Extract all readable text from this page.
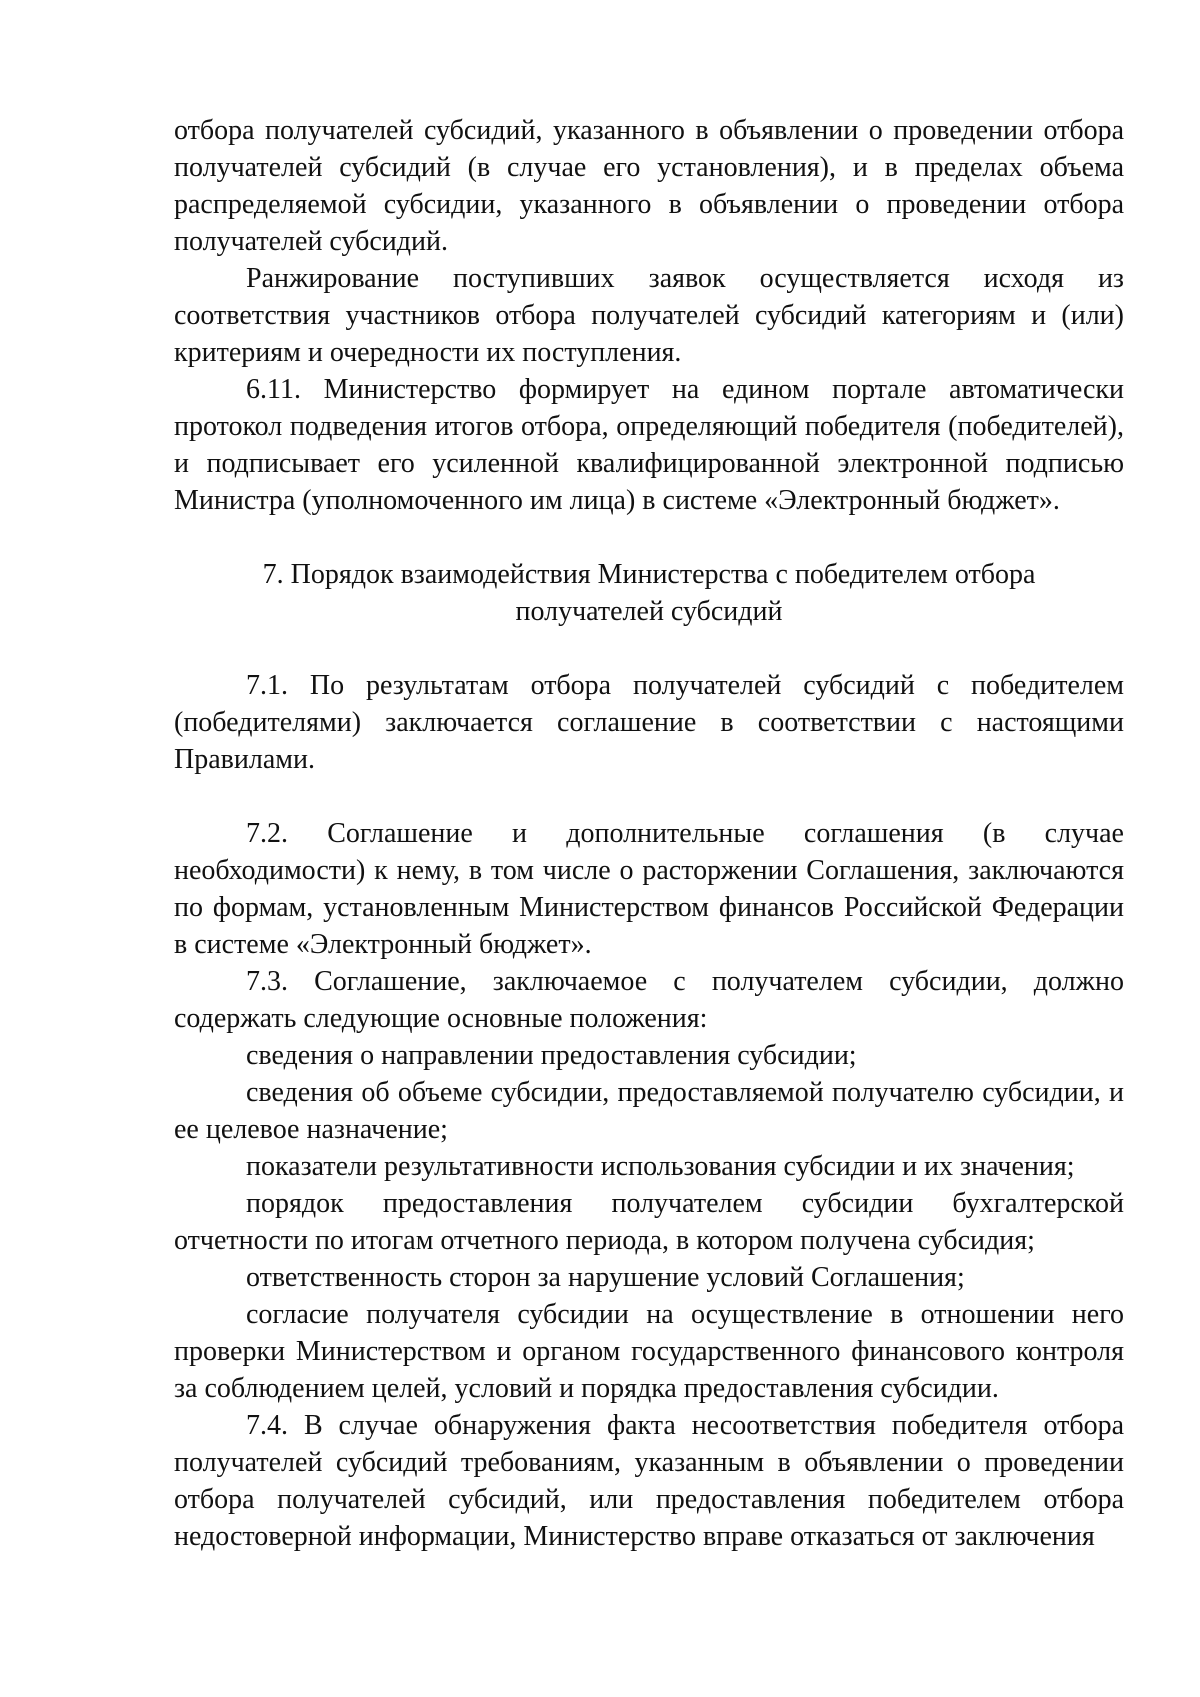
отбора получателей субсидий, указанного в объявлении о проведении отбора получателей субсидий (в случае его установления), и в пределах объема распределяемой субсидии, указанного в объявлении о проведении отбора получателей субсидий.

Ранжирование поступивших заявок осуществляется исходя из соответствия участников отбора получателей субсидий категориям и (или) критериям и очередности их поступления.

6.11. Министерство формирует на едином портале автоматически протокол подведения итогов отбора, определяющий победителя (победителей), и подписывает его усиленной квалифицированной электронной подписью Министра (уполномоченного им лица) в системе «Электронный бюджет».

7. Порядок взаимодействия Министерства с победителем отбора
получателей субсидий

7.1. По результатам отбора получателей субсидий с победителем (победителями) заключается соглашение в соответствии с настоящими Правилами.

7.2. Соглашение и дополнительные соглашения (в случае необходимости) к нему, в том числе о расторжении Соглашения, заключаются по формам, установленным Министерством финансов Российской Федерации в системе «Электронный бюджет».

7.3. Соглашение, заключаемое с получателем субсидии, должно содержать следующие основные положения:

сведения о направлении предоставления субсидии;

сведения об объеме субсидии, предоставляемой получателю субсидии, и ее целевое назначение;

показатели результативности использования субсидии и их значения;

порядок предоставления получателем субсидии бухгалтерской отчетности по итогам отчетного периода, в котором получена субсидия;

ответственность сторон за нарушение условий Соглашения;

согласие получателя субсидии на осуществление в отношении него проверки Министерством и органом государственного финансового контроля за соблюдением целей, условий и порядка предоставления субсидии.

7.4. В случае обнаружения факта несоответствия победителя отбора получателей субсидий требованиям, указанным в объявлении о проведении отбора получателей субсидий, или предоставления победителем отбора недостоверной информации, Министерство вправе отказаться от заключения
